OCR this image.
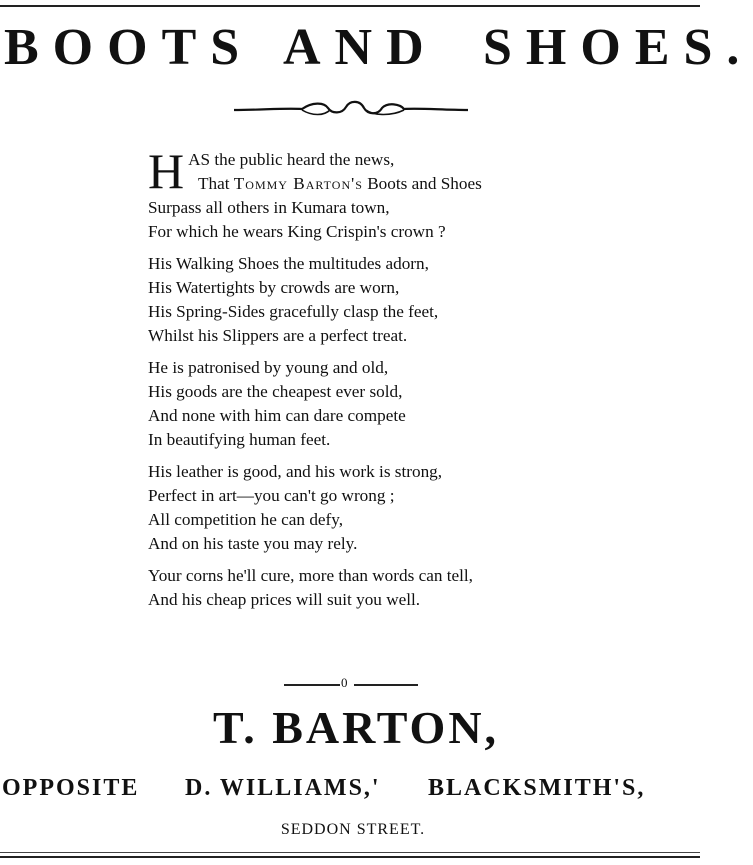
BOOTS AND SHOES.
H AS the public heard the news,
That Tommy Barton's Boots and Shoes
Surpass all others in Kumara town,
For which he wears King Crispin's crown ?
His Walking Shoes the multitudes adorn,
His Watertights by crowds are worn,
His Spring-Sides gracefully clasp the feet,
Whilst his Slippers are a perfect treat.
He is patronised by young and old,
His goods are the cheapest ever sold,
And none with him can dare compete
In beautifying human feet.
His leather is good, and his work is strong,
Perfect in art—you can't go wrong ;
All competition he can defy,
And on his taste you may rely.
Your corns he'll cure, more than words can tell,
And his cheap prices will suit you well.
0
T. BARTON,
OPPOSITE D. WILLIAMS,' BLACKSMITH'S,
SEDDON STREET.
